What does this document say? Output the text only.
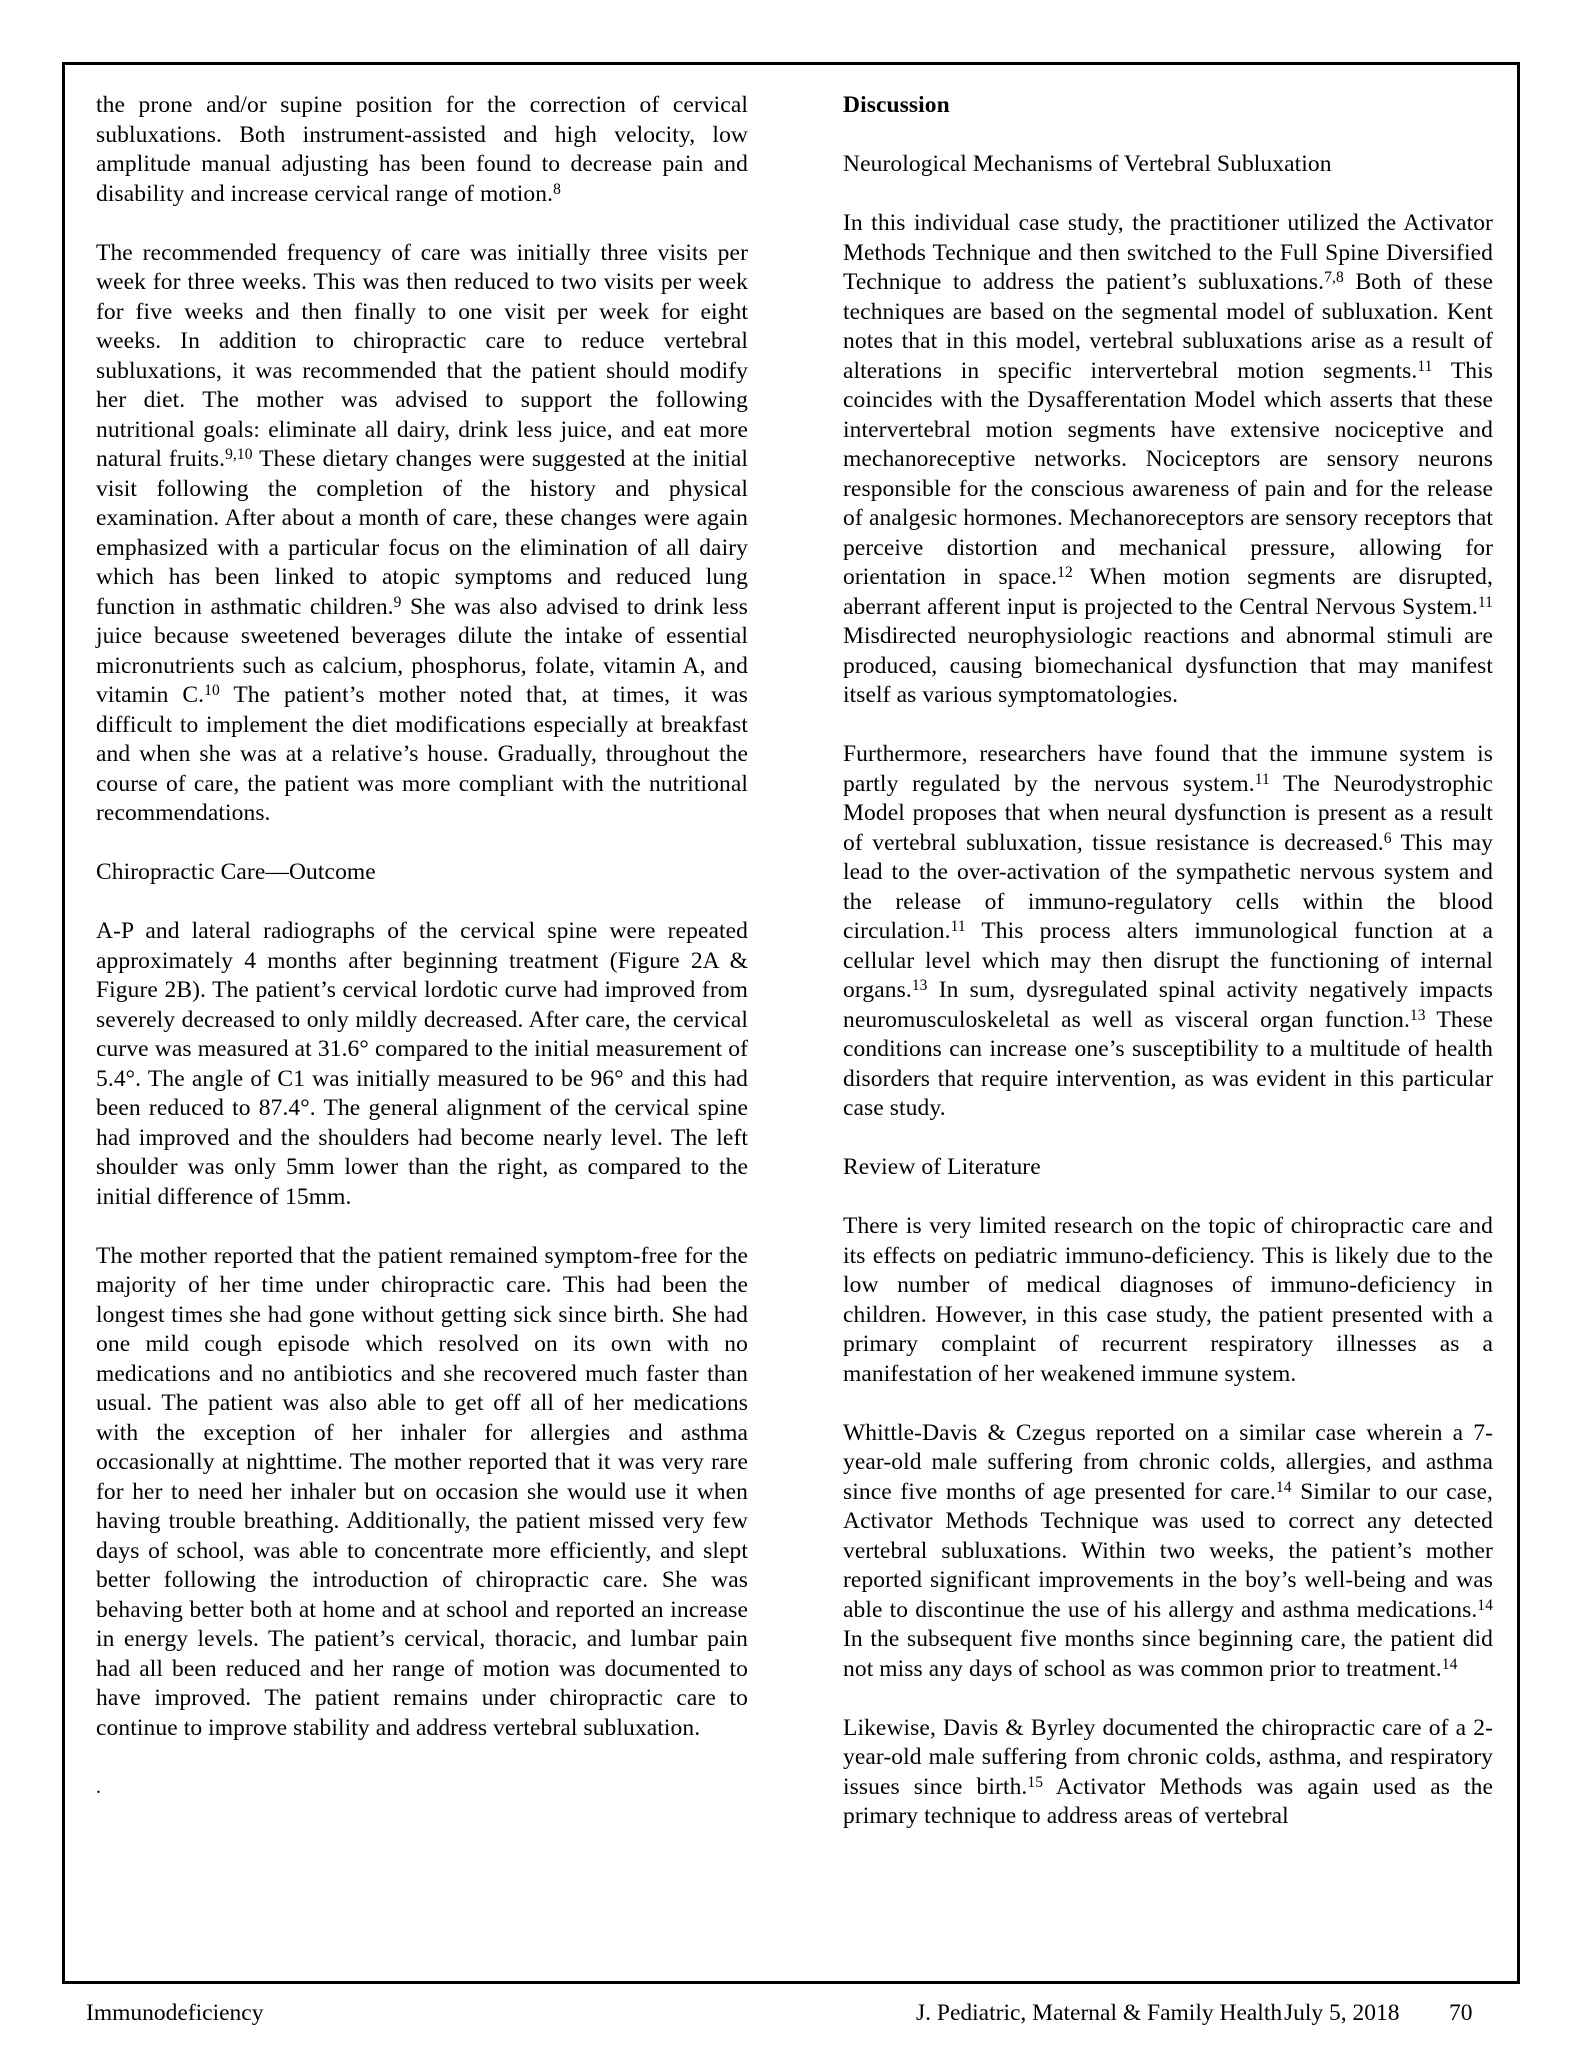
the prone and/or supine position for the correction of cervical subluxations. Both instrument-assisted and high velocity, low amplitude manual adjusting has been found to decrease pain and disability and increase cervical range of motion.$^8$

The recommended frequency of care was initially three visits per week for three weeks. This was then reduced to two visits per week for five weeks and then finally to one visit per week for eight weeks. In addition to chiropractic care to reduce vertebral subluxations, it was recommended that the patient should modify her diet. The mother was advised to support the following nutritional goals: eliminate all dairy, drink less juice, and eat more natural fruits.$^{9,10}$ These dietary changes were suggested at the initial visit following the completion of the history and physical examination. After about a month of care, these changes were again emphasized with a particular focus on the elimination of all dairy which has been linked to atopic symptoms and reduced lung function in asthmatic children.$^9$ She was also advised to drink less juice because sweetened beverages dilute the intake of essential micronutrients such as calcium, phosphorus, folate, vitamin A, and vitamin C.$^{10}$ The patient’s mother noted that, at times, it was difficult to implement the diet modifications especially at breakfast and when she was at a relative’s house. Gradually, throughout the course of care, the patient was more compliant with the nutritional recommendations.

Chiropractic Care—Outcome

A-P and lateral radiographs of the cervical spine were repeated approximately 4 months after beginning treatment (Figure 2A & Figure 2B). The patient’s cervical lordotic curve had improved from severely decreased to only mildly decreased. After care, the cervical curve was measured at 31.6° compared to the initial measurement of 5.4°. The angle of C1 was initially measured to be 96° and this had been reduced to 87.4°. The general alignment of the cervical spine had improved and the shoulders had become nearly level. The left shoulder was only 5mm lower than the right, as compared to the initial difference of 15mm.

The mother reported that the patient remained symptom-free for the majority of her time under chiropractic care. This had been the longest times she had gone without getting sick since birth. She had one mild cough episode which resolved on its own with no medications and no antibiotics and she recovered much faster than usual. The patient was also able to get off all of her medications with the exception of her inhaler for allergies and asthma occasionally at nighttime. The mother reported that it was very rare for her to need her inhaler but on occasion she would use it when having trouble breathing. Additionally, the patient missed very few days of school, was able to concentrate more efficiently, and slept better following the introduction of chiropractic care. She was behaving better both at home and at school and reported an increase in energy levels. The patient’s cervical, thoracic, and lumbar pain had all been reduced and her range of motion was documented to have improved. The patient remains under chiropractic care to continue to improve stability and address vertebral subluxation.

.

Discussion

Neurological Mechanisms of Vertebral Subluxation

In this individual case study, the practitioner utilized the Activator Methods Technique and then switched to the Full Spine Diversified Technique to address the patient’s subluxations.$^{7,8}$ Both of these techniques are based on the segmental model of subluxation. Kent notes that in this model, vertebral subluxations arise as a result of alterations in specific intervertebral motion segments.$^{11}$ This coincides with the Dysafferentation Model which asserts that these intervertebral motion segments have extensive nociceptive and mechanoreceptive networks. Nociceptors are sensory neurons responsible for the conscious awareness of pain and for the release of analgesic hormones. Mechanoreceptors are sensory receptors that perceive distortion and mechanical pressure, allowing for orientation in space.$^{12}$ When motion segments are disrupted, aberrant afferent input is projected to the Central Nervous System.$^{11}$ Misdirected neurophysiologic reactions and abnormal stimuli are produced, causing biomechanical dysfunction that may manifest itself as various symptomatologies.

Furthermore, researchers have found that the immune system is partly regulated by the nervous system.$^{11}$ The Neurodystrophic Model proposes that when neural dysfunction is present as a result of vertebral subluxation, tissue resistance is decreased.$^6$ This may lead to the over-activation of the sympathetic nervous system and the release of immuno-regulatory cells within the blood circulation.$^{11}$ This process alters immunological function at a cellular level which may then disrupt the functioning of internal organs.$^{13}$ In sum, dysregulated spinal activity negatively impacts neuromusculoskeletal as well as visceral organ function.$^{13}$ These conditions can increase one’s susceptibility to a multitude of health disorders that require intervention, as was evident in this particular case study.

Review of Literature

There is very limited research on the topic of chiropractic care and its effects on pediatric immuno-deficiency. This is likely due to the low number of medical diagnoses of immuno-deficiency in children. However, in this case study, the patient presented with a primary complaint of recurrent respiratory illnesses as a manifestation of her weakened immune system.

Whittle-Davis & Czegus reported on a similar case wherein a 7-year-old male suffering from chronic colds, allergies, and asthma since five months of age presented for care.$^{14}$ Similar to our case, Activator Methods Technique was used to correct any detected vertebral subluxations. Within two weeks, the patient’s mother reported significant improvements in the boy’s well-being and was able to discontinue the use of his allergy and asthma medications.$^{14}$ In the subsequent five months since beginning care, the patient did not miss any days of school as was common prior to treatment.$^{14}$

Likewise, Davis & Byrley documented the chiropractic care of a 2-year-old male suffering from chronic colds, asthma, and respiratory issues since birth.$^{15}$ Activator Methods was again used as the primary technique to address areas of vertebral

Immunodeficiency	J. Pediatric, Maternal & Family Health July 5, 2018 70
